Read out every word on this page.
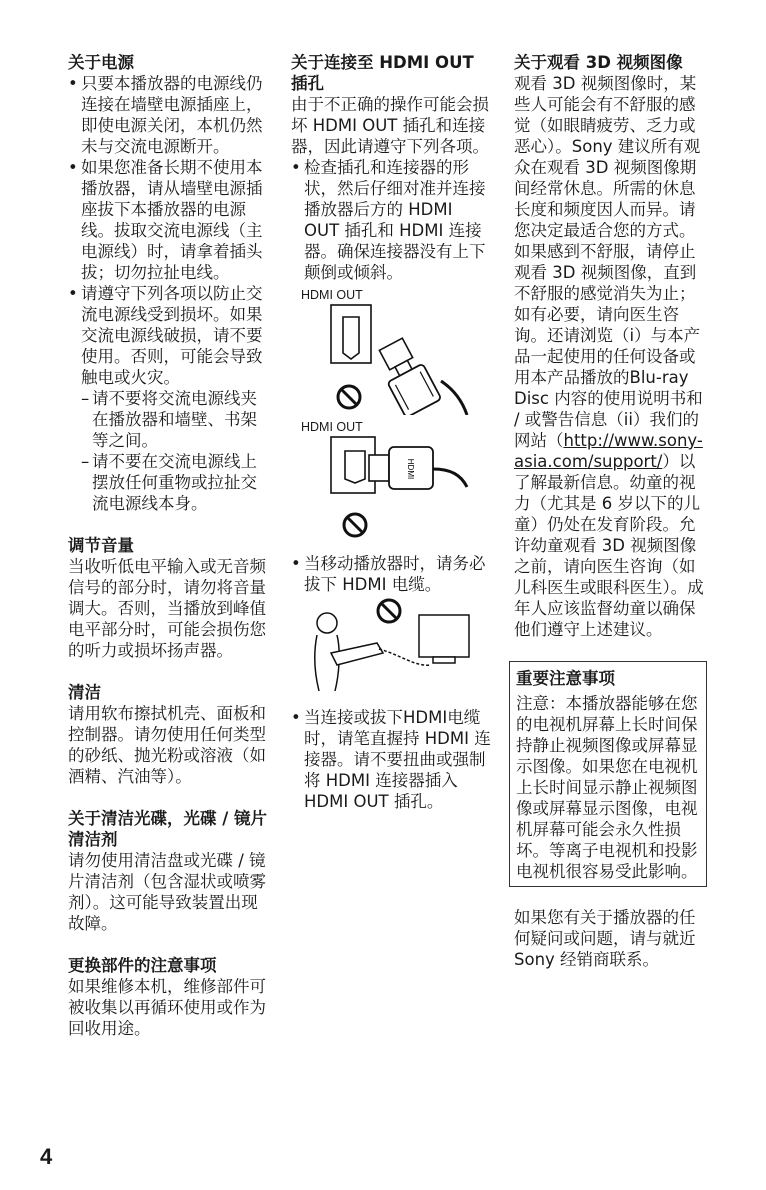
关于电源

• 只要本播放器的电源线仍连接在墙壁电源插座上，即使电源关闭，本机仍然未与交流电源断开。
• 如果您准备长期不使用本播放器，请从墙壁电源插座拔下本播放器的电源线。拔取交流电源线（主电源线）时，请拿着插头拔；切勿拉扯电线。
• 请遵守下列各项以防止交流电源线受到损坏。如果交流电源线破损，请不要使用。否则，可能会导致触电或火灾。
– 请不要将交流电源线夹在播放器和墙壁、书架等之间。
– 请不要在交流电源线上摆放任何重物或拉扯交流电源线本身。

调节音量

当收听低电平输入或无音频信号的部分时，请勿将音量调大。否则，当播放到峰值电平部分时，可能会损伤您的听力或损坏扬声器。

清洁

请用软布擦拭机壳、面板和控制器。请勿使用任何类型的砂纸、抛光粉或溶液（如酒精、汽油等）。

关于清洁光碟，光碟 / 镜片清洁剂

请勿使用清洁盘或光碟 / 镜片清洁剂（包含湿状或喷雾剂）。这可能导致装置出现故障。

更换部件的注意事项

如果维修本机，维修部件可被收集以再循环使用或作为回收用途。

关于连接至 HDMI OUT 插孔

由于不正确的操作可能会损坏 HDMI OUT 插孔和连接器，因此请遵守下列各项。

• 检查插孔和连接器的形状，然后仔细对准并连接播放器后方的 HDMI OUT 插孔和 HDMI 连接器。确保连接器没有上下颠倒或倾斜。
HDMI OUT
HDMI OUT
HDMI
• 当移动播放器时，请务必拔下 HDMI 电缆。
• 当连接或拔下HDMI电缆时，请笔直握持 HDMI 连接器。请不要扭曲或强制将 HDMI 连接器插入 HDMI OUT 插孔。

关于观看 3D 视频图像

观看 3D 视频图像时，某些人可能会有不舒服的感觉（如眼睛疲劳、乏力或恶心）。Sony 建议所有观众在观看 3D 视频图像期间经常休息。所需的休息长度和频度因人而异。请您决定最适合您的方式。如果感到不舒服，请停止观看 3D 视频图像，直到不舒服的感觉消失为止；如有必要，请向医生咨询。还请浏览（i）与本产品一起使用的任何设备或用本产品播放的Blu-ray Disc 内容的使用说明书和 / 或警告信息（ii）我们的网站（http://www.sony-asia.com/support/）以了解最新信息。幼童的视力（尤其是 6 岁以下的儿童）仍处在发育阶段。允许幼童观看 3D 视频图像之前，请向医生咨询（如儿科医生或眼科医生）。成年人应该监督幼童以确保他们遵守上述建议。

重要注意事项

注意：本播放器能够在您的电视机屏幕上长时间保持静止视频图像或屏幕显示图像。如果您在电视机上长时间显示静止视频图像或屏幕显示图像，电视机屏幕可能会永久性损坏。等离子电视机和投影电视机很容易受此影响。

如果您有关于播放器的任何疑问或问题，请与就近 Sony 经销商联系。

4
